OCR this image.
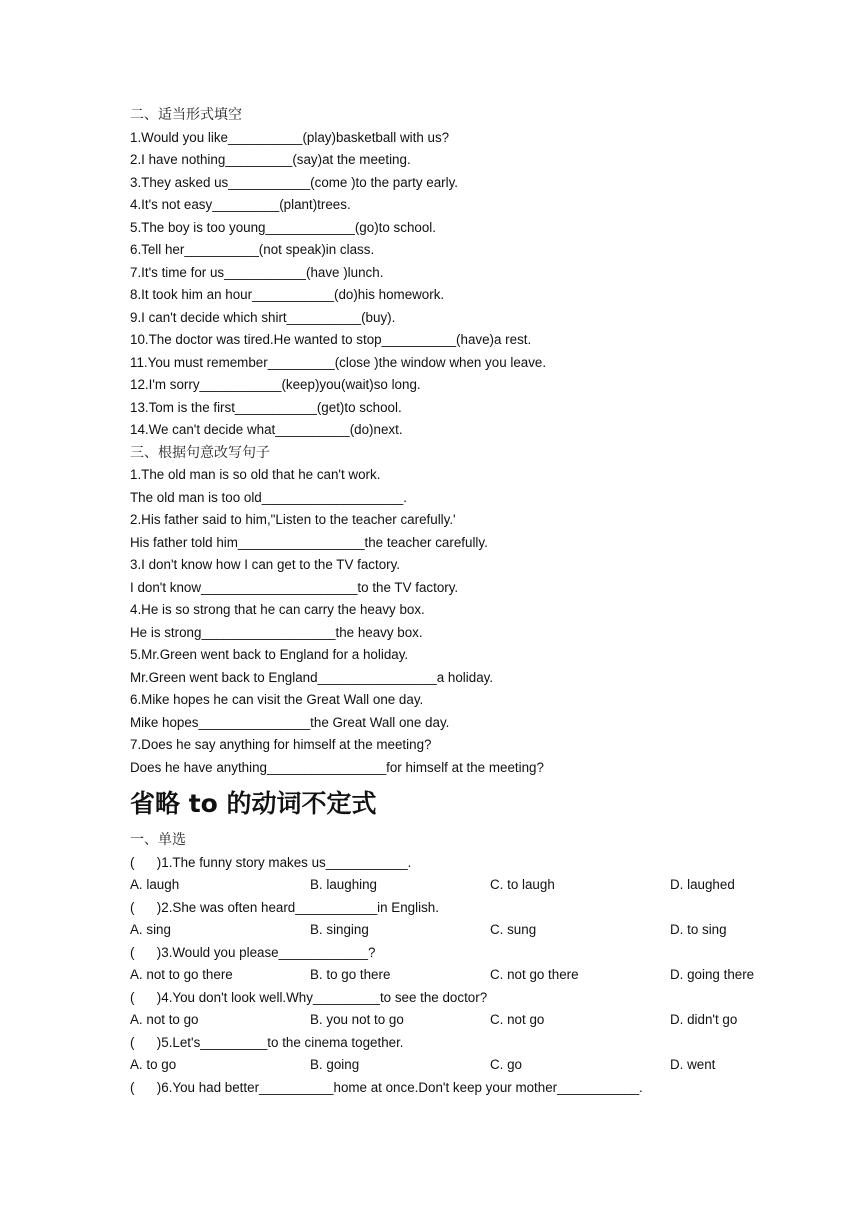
二、适当形式填空
1.Would you like__________(play)basketball with us?
2.I have nothing_________(say)at the meeting.
3.They asked us___________(come )to the party early.
4.It's not easy_________(plant)trees.
5.The boy is too young____________(go)to school.
6.Tell her__________(not speak)in class.
7.It's time for us___________(have )lunch.
8.It took him an hour___________(do)his homework.
9.I can't decide which shirt__________(buy).
10.The doctor was tired.He wanted to stop__________(have)a rest.
11.You must remember_________(close )the window when you leave.
12.I'm sorry___________(keep)you(wait)so long.
13.Tom is the first___________(get)to school.
14.We can't decide what__________(do)next.
三、根据句意改写句子
1.The old man is so old that he can't work.
The old man is too old___________________.
2.His father said to him,"Listen to the teacher carefully.'
His father told him_________________the teacher carefully.
3.I don't know how I can get to the TV factory.
I don't know_____________________to the TV factory.
4.He is so strong that he can carry the heavy box.
He is strong__________________the heavy box.
5.Mr.Green went back to England for a holiday.
Mr.Green went back to England________________a holiday.
6.Mike hopes he can visit the Great Wall one day.
Mike hopes_______________the Great Wall one day.
7.Does he say anything for himself at the meeting?
Does he have anything________________for himself at the meeting?
省略 to 的动词不定式
一、单选
(      )1.The funny story makes us___________.
A. laugh	B. laughing	C. to laugh	D. laughed
(      )2.She was often heard___________in English.
A. sing	B. singing	C. sung	D. to sing
(      )3.Would you please____________?
A. not to go there	B. to go there	C. not go there	D. going there
(      )4.You don't look well.Why_________to see the doctor?
A. not to go	B. you not to go	C. not go	D. didn't go
(      )5.Let's_________to the cinema together.
A. to go	B. going	C. go	D. went
(      )6.You had better__________home at once.Don't keep your mother___________.
